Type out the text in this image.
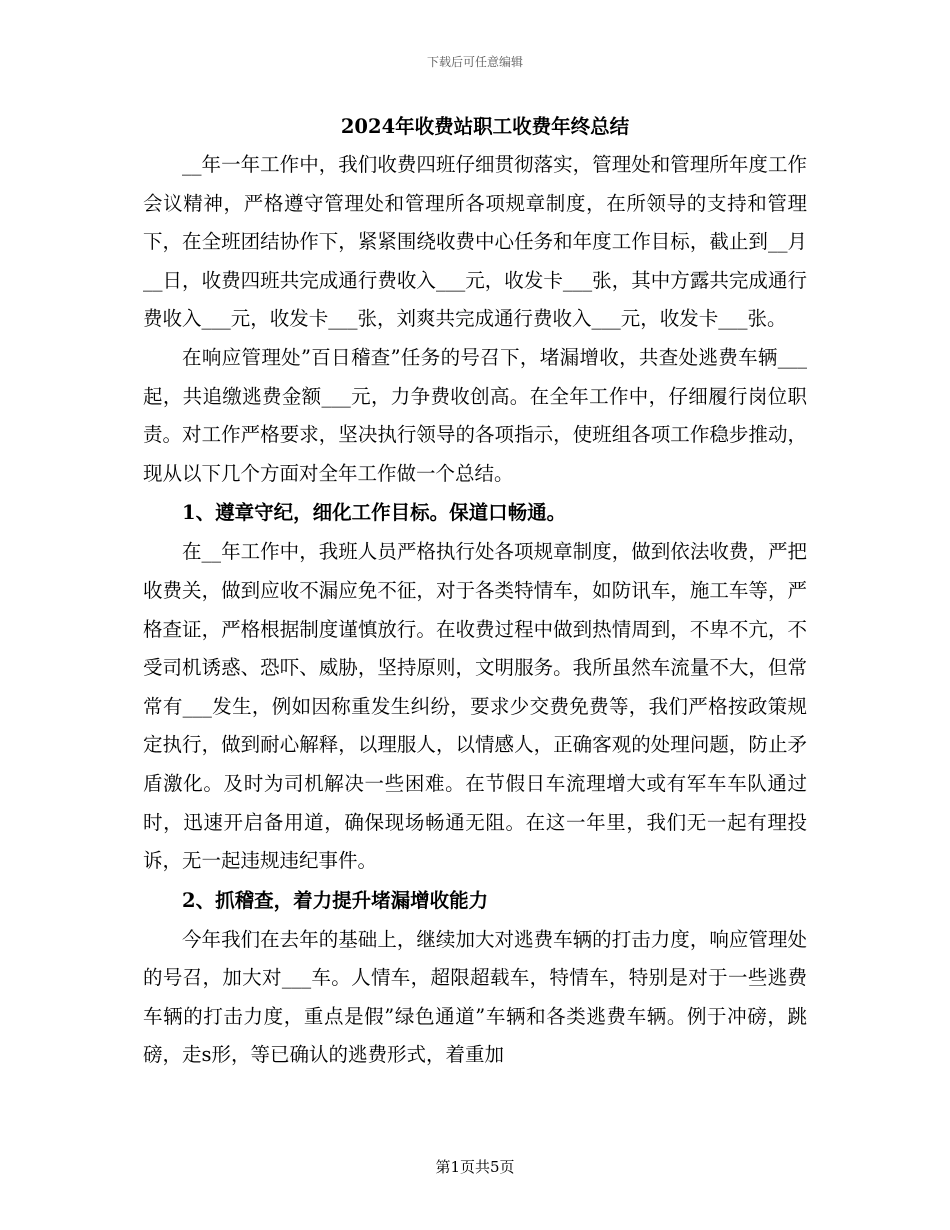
下载后可任意编辑
2024年收费站职工收费年终总结

__年一年工作中，我们收费四班仔细贯彻落实，管理处和管理所年度工作会议精神，严格遵守管理处和管理所各项规章制度，在所领导的支持和管理下，在全班团结协作下，紧紧围绕收费中心任务和年度工作目标，截止到__月__日，收费四班共完成通行费收入___元，收发卡___张，其中方露共完成通行费收入___元，收发卡___张，刘爽共完成通行费收入___元，收发卡___张。

在响应管理处”百日稽查”任务的号召下，堵漏增收，共查处逃费车辆___起，共追缴逃费金额___元，力争费收创高。在全年工作中，仔细履行岗位职责。对工作严格要求，坚决执行领导的各项指示，使班组各项工作稳步推动，现从以下几个方面对全年工作做一个总结。

1、遵章守纪，细化工作目标。保道口畅通。

在__年工作中，我班人员严格执行处各项规章制度，做到依法收费，严把收费关，做到应收不漏应免不征，对于各类特情车，如防讯车，施工车等，严格查证，严格根据制度谨慎放行。在收费过程中做到热情周到，不卑不亢，不受司机诱惑、恐吓、威胁，坚持原则，文明服务。我所虽然车流量不大，但常常有___发生，例如因称重发生纠纷，要求少交费免费等，我们严格按政策规定执行，做到耐心解释，以理服人，以情感人，正确客观的处理问题，防止矛盾激化。及时为司机解决一些困难。在节假日车流理增大或有军车车队通过时，迅速开启备用道，确保现场畅通无阻。在这一年里，我们无一起有理投诉，无一起违规违纪事件。

2、抓稽查，着力提升堵漏增收能力

今年我们在去年的基础上，继续加大对逃费车辆的打击力度，响应管理处的号召，加大对___车。人情车，超限超载车，特情车，特别是对于一些逃费车辆的打击力度，重点是假”绿色通道”车辆和各类逃费车辆。例于冲磅，跳磅，走s形，等已确认的逃费形式，着重加

第1页共5页
